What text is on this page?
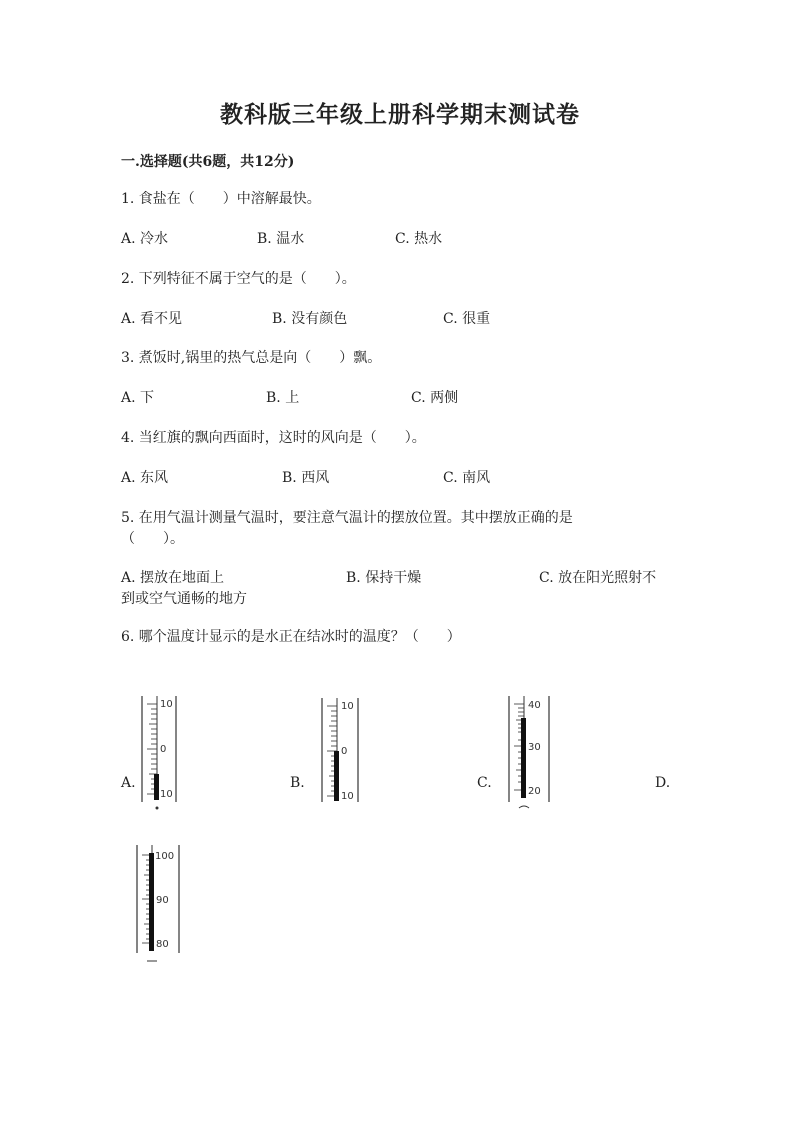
教科版三年级上册科学期末测试卷
一.选择题(共6题，共12分)
1. 食盐在（　　）中溶解最快。
A. 冷水	B. 温水	C. 热水
2. 下列特征不属于空气的是（　　）。
A. 看不见	B. 没有颜色	C. 很重
3. 煮饭时,锅里的热气总是向（　　）飘。
A. 下	B. 上	C. 两侧
4. 当红旗的飘向西面时，这时的风向是（　　）。
A. 东风	B. 西风	C. 南风
5. 在用气温计测量气温时，要注意气温计的摆放位置。其中摆放正确的是
（　　）。
A. 摆放在地面上	B. 保持干燥	C. 放在阳光照射不
到或空气通畅的地方
6. 哪个温度计显示的是水正在结冰时的温度？（　　）
A.	B.	C.	D.
10
0
10
10
0
10
40
30
20
100
90
80
